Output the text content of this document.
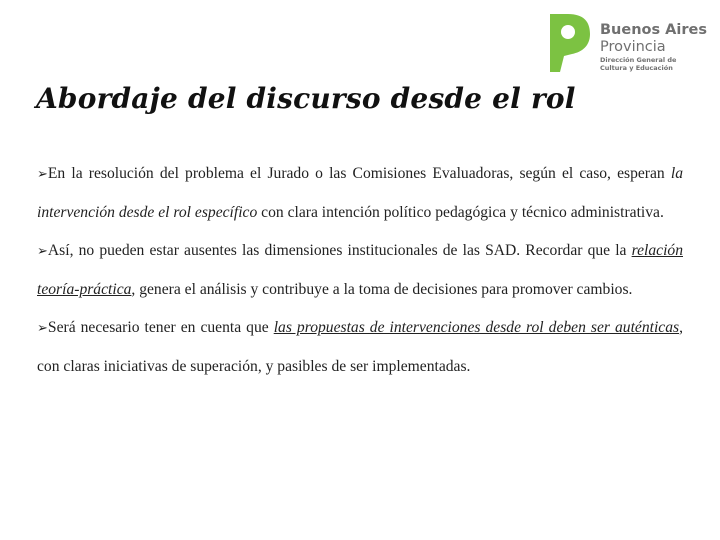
Buenos Aires
Provincia
Dirección General de
Cultura y Educación
Abordaje del discurso desde el rol

➢En la resolución del problema el Jurado o las Comisiones Evaluadoras, según el caso, esperan la intervención desde el rol específico con clara intención político pedagógica y técnico administrativa.

➢Así, no pueden estar ausentes las dimensiones institucionales de las SAD. Recordar que la relación teoría-práctica, genera el análisis y contribuye a la toma de decisiones para promover cambios.

➢Será necesario tener en cuenta que las propuestas de intervenciones desde rol deben ser auténticas, con claras iniciativas de superación, y pasibles de ser implementadas.
